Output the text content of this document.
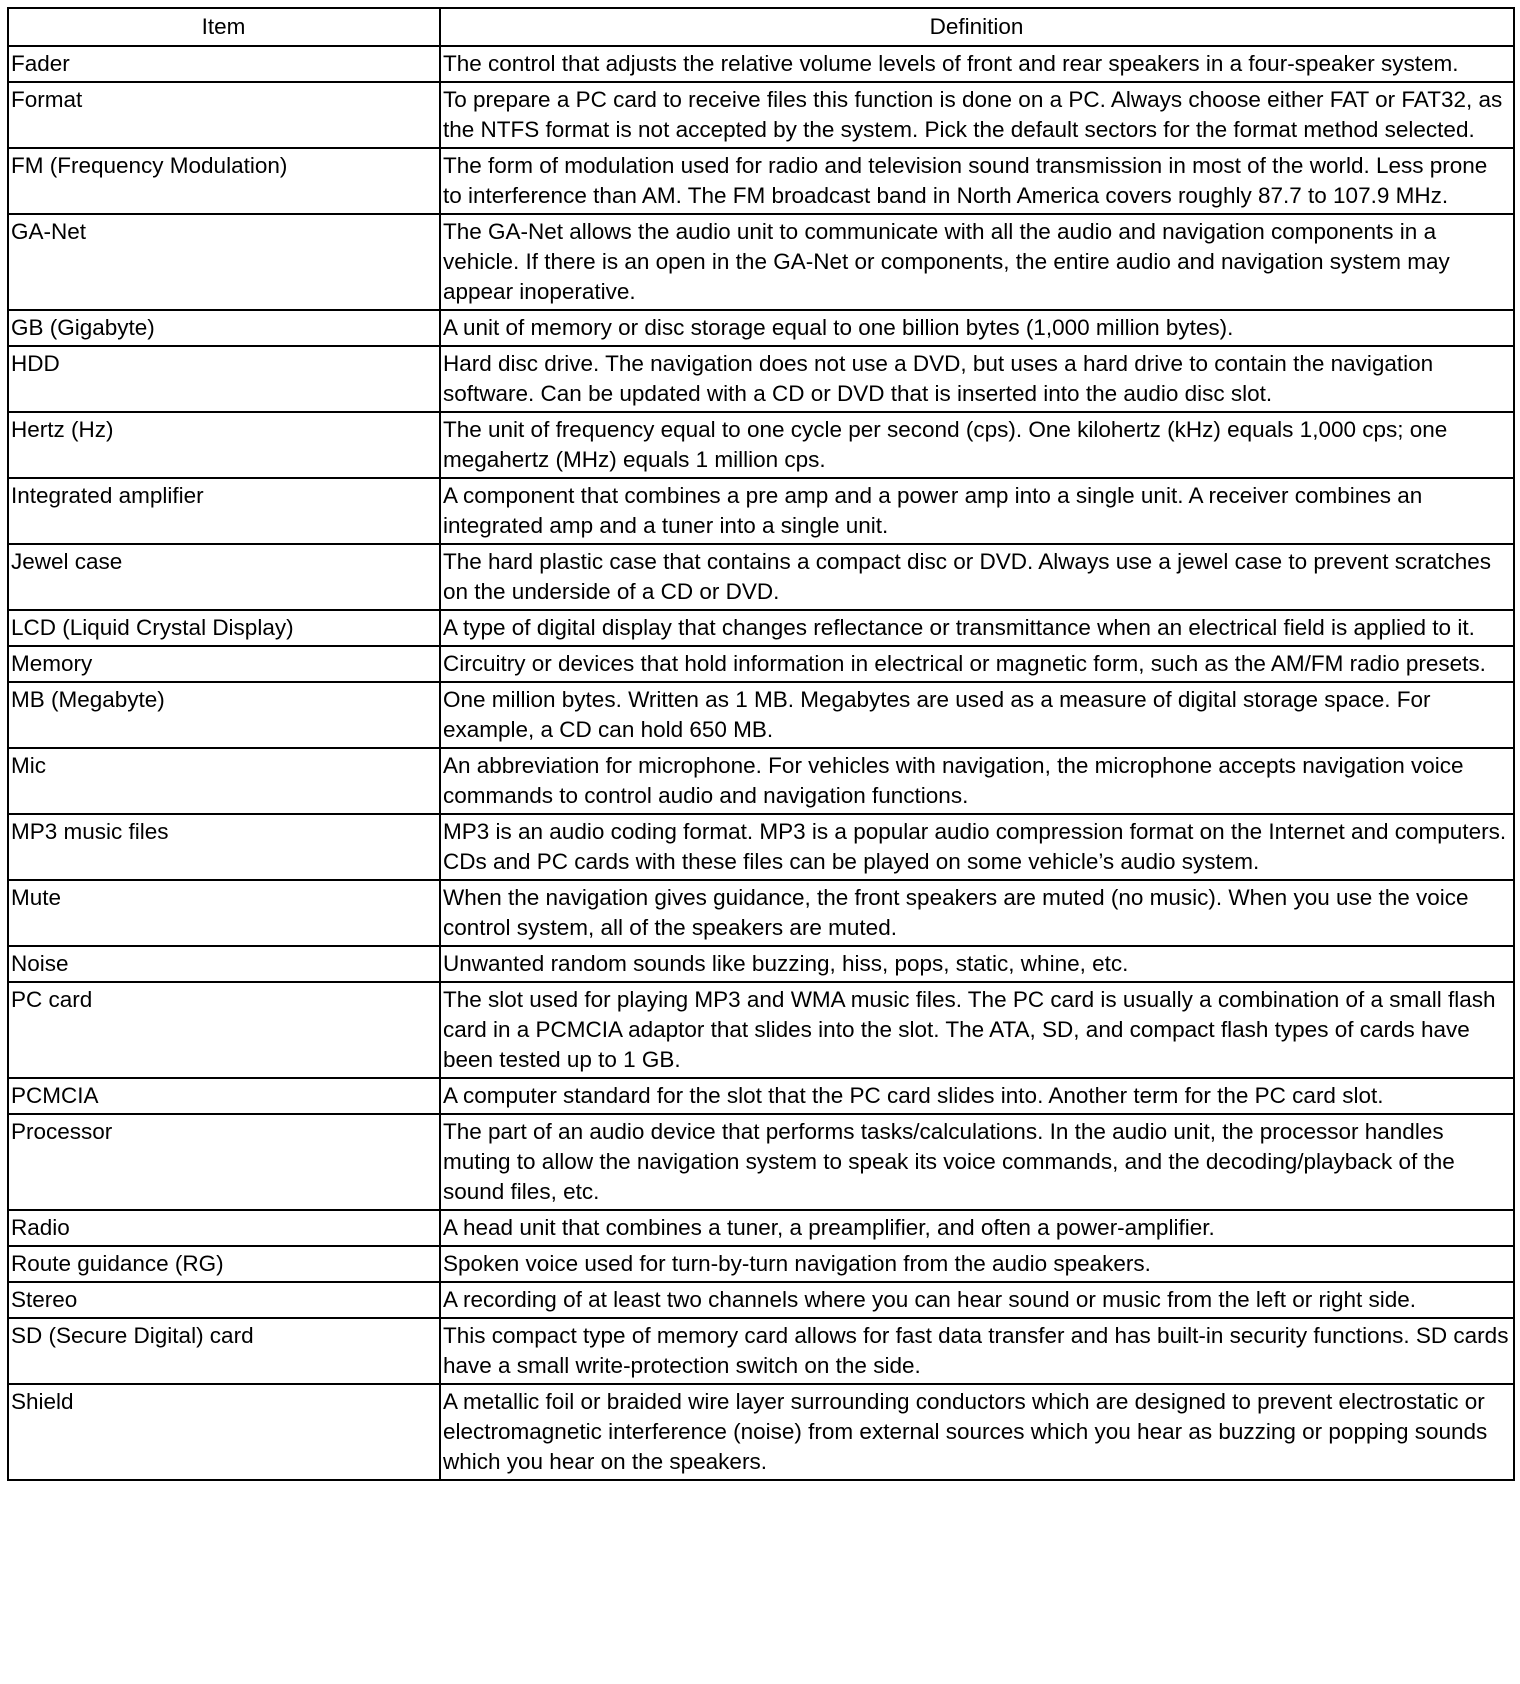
Item	Definition
Fader	The control that adjusts the relative volume levels of front and rear speakers in a four-speaker system.
Format	To prepare a PC card to receive files this function is done on a PC. Always choose either FAT or FAT32, as the NTFS format is not accepted by the system. Pick the default sectors for the format method selected.
FM (Frequency Modulation)	The form of modulation used for radio and television sound transmission in most of the world. Less prone to interference than AM. The FM broadcast band in North America covers roughly 87.7 to 107.9 MHz.
GA-Net	The GA-Net allows the audio unit to communicate with all the audio and navigation components in a vehicle. If there is an open in the GA-Net or components, the entire audio and navigation system may appear inoperative.
GB (Gigabyte)	A unit of memory or disc storage equal to one billion bytes (1,000 million bytes).
HDD	Hard disc drive. The navigation does not use a DVD, but uses a hard drive to contain the navigation software. Can be updated with a CD or DVD that is inserted into the audio disc slot.
Hertz (Hz)	The unit of frequency equal to one cycle per second (cps). One kilohertz (kHz) equals 1,000 cps; one megahertz (MHz) equals 1 million cps.
Integrated amplifier	A component that combines a pre amp and a power amp into a single unit. A receiver combines an integrated amp and a tuner into a single unit.
Jewel case	The hard plastic case that contains a compact disc or DVD. Always use a jewel case to prevent scratches on the underside of a CD or DVD.
LCD (Liquid Crystal Display)	A type of digital display that changes reflectance or transmittance when an electrical field is applied to it.
Memory	Circuitry or devices that hold information in electrical or magnetic form, such as the AM/FM radio presets.
MB (Megabyte)	One million bytes. Written as 1 MB. Megabytes are used as a measure of digital storage space. For example, a CD can hold 650 MB.
Mic	An abbreviation for microphone. For vehicles with navigation, the microphone accepts navigation voice commands to control audio and navigation functions.
MP3 music files	MP3 is an audio coding format. MP3 is a popular audio compression format on the Internet and computers. CDs and PC cards with these files can be played on some vehicle’s audio system.
Mute	When the navigation gives guidance, the front speakers are muted (no music). When you use the voice control system, all of the speakers are muted.
Noise	Unwanted random sounds like buzzing, hiss, pops, static, whine, etc.
PC card	The slot used for playing MP3 and WMA music files. The PC card is usually a combination of a small flash card in a PCMCIA adaptor that slides into the slot. The ATA, SD, and compact flash types of cards have been tested up to 1 GB.
PCMCIA	A computer standard for the slot that the PC card slides into. Another term for the PC card slot.
Processor	The part of an audio device that performs tasks/calculations. In the audio unit, the processor handles muting to allow the navigation system to speak its voice commands, and the decoding/playback of the sound files, etc.
Radio	A head unit that combines a tuner, a preamplifier, and often a power-amplifier.
Route guidance (RG)	Spoken voice used for turn-by-turn navigation from the audio speakers.
Stereo	A recording of at least two channels where you can hear sound or music from the left or right side.
SD (Secure Digital) card	This compact type of memory card allows for fast data transfer and has built-in security functions. SD cards have a small write-protection switch on the side.
Shield	A metallic foil or braided wire layer surrounding conductors which are designed to prevent electrostatic or electromagnetic interference (noise) from external sources which you hear as buzzing or popping sounds which you hear on the speakers.
